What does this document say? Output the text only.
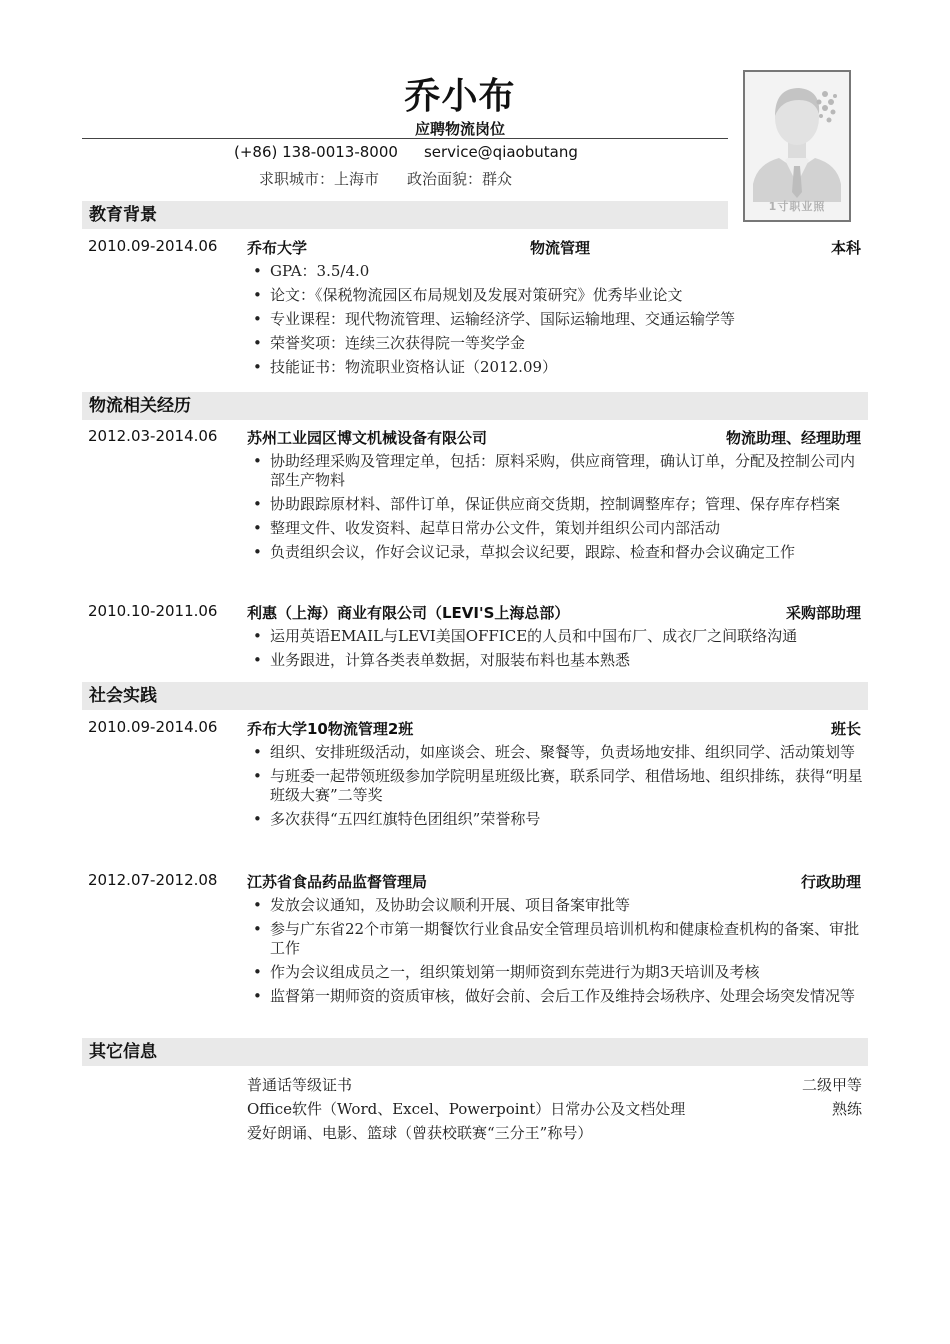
乔小布
应聘物流岗位
(+86) 138-0013-8000 service@qiaobutang
求职城市：上海市 政治面貌：群众
1寸职业照
教育背景
2010.09-2014.06 乔布大学	物流管理	本科
• GPA：3.5/4.0
• 论文：《保税物流园区布局规划及发展对策研究》优秀毕业论文
• 专业课程：现代物流管理、运输经济学、国际运输地理、交通运输学等
• 荣誉奖项：连续三次获得院一等奖学金
• 技能证书：物流职业资格认证（2012.09）
物流相关经历
2012.03-2014.06 苏州工业园区博文机械设备有限公司	物流助理、经理助理
• 协助经理采购及管理定单，包括：原料采购，供应商管理，确认订单，分配及控制公司内部生产物料
• 协助跟踪原材料、部件订单，保证供应商交货期，控制调整库存；管理、保存库存档案
• 整理文件、收发资料、起草日常办公文件，策划并组织公司内部活动
• 负责组织会议，作好会议记录，草拟会议纪要，跟踪、检查和督办会议确定工作
2010.10-2011.06 利惠（上海）商业有限公司（LEVI'S上海总部）	采购部助理
• 运用英语EMAIL与LEVI美国OFFICE的人员和中国布厂、成衣厂之间联络沟通
• 业务跟进，计算各类表单数据，对服装布料也基本熟悉
社会实践
2010.09-2014.06 乔布大学10物流管理2班	班长
• 组织、安排班级活动，如座谈会、班会、聚餐等，负责场地安排、组织同学、活动策划等
• 与班委一起带领班级参加学院明星班级比赛，联系同学、租借场地、组织排练，获得“明星班级大赛”二等奖
• 多次获得“五四红旗特色团组织”荣誉称号
2012.07-2012.08 江苏省食品药品监督管理局	行政助理
• 发放会议通知，及协助会议顺利开展、项目备案审批等
• 参与广东省22个市第一期餐饮行业食品安全管理员培训机构和健康检查机构的备案、审批工作
• 作为会议组成员之一，组织策划第一期师资到东莞进行为期3天培训及考核
• 监督第一期师资的资质审核，做好会前、会后工作及维持会场秩序、处理会场突发情况等
其它信息
普通话等级证书	二级甲等
Office软件（Word、Excel、Powerpoint）日常办公及文档处理	熟练
爱好朗诵、电影、篮球（曾获校联赛“三分王”称号）
